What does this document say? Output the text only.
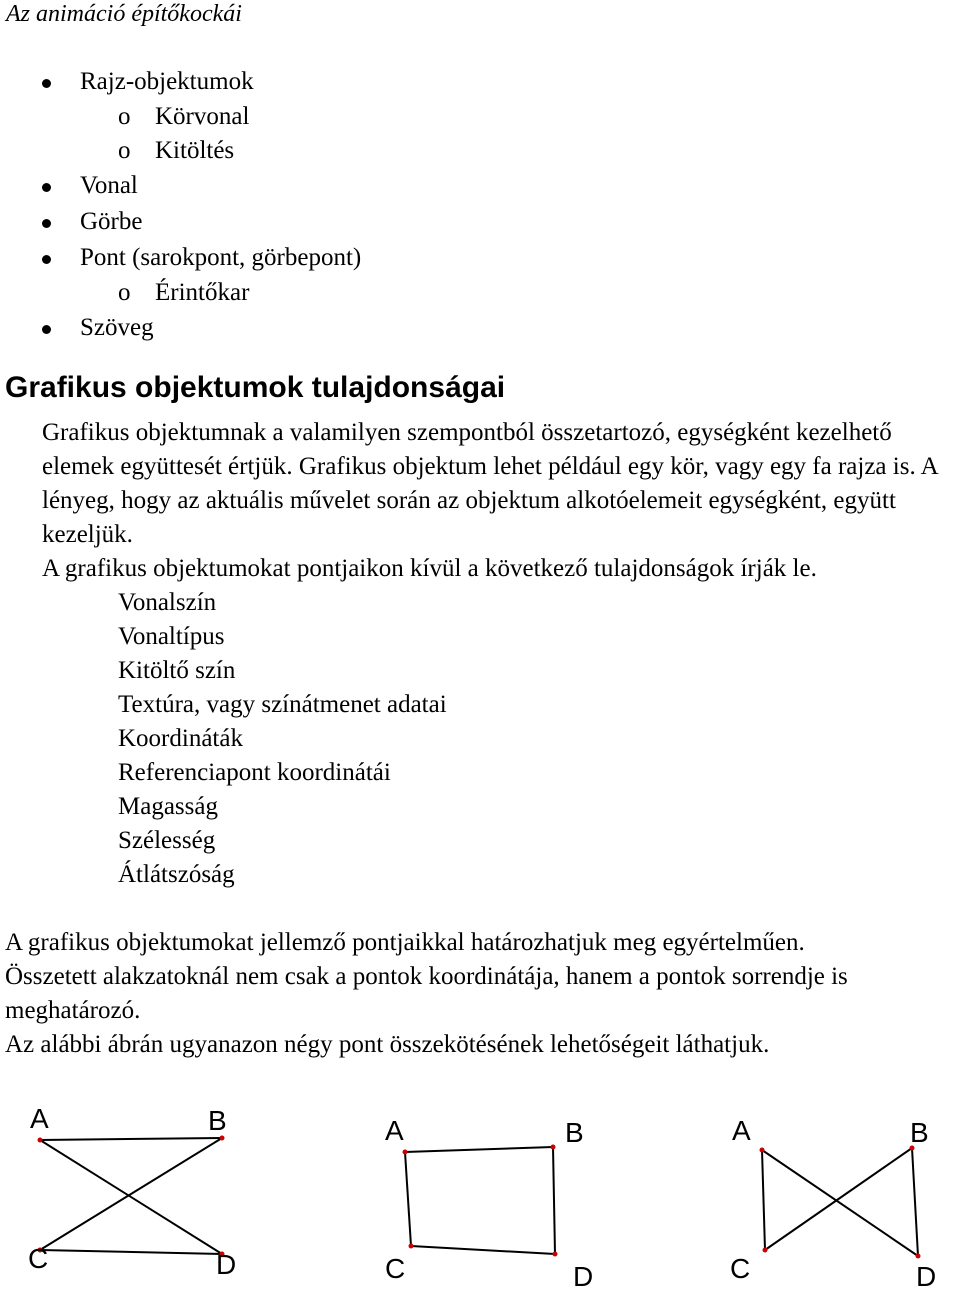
Az animáció építőkockái
Rajz-objektumok
o Körvonal
o Kitöltés
Vonal
Görbe
Pont (sarokpont, görbepont)
o Érintőkar
Szöveg
Grafikus objektumok tulajdonságai

Grafikus objektumnak a valamilyen szempontból összetartozó, egységként kezelhető elemek együttesét értjük. Grafikus objektum lehet például egy kör, vagy egy fa rajza is. A lényeg, hogy az aktuális művelet során az objektum alkotóelemeit egységként, együtt kezeljük.

A grafikus objektumokat pontjaikon kívül a következő tulajdonságok írják le.

Vonalszín
Vonaltípus
Kitöltő szín
Textúra, vagy színátmenet adatai
Koordináták
Referenciapont koordinátái
Magasság
Szélesség
Átlátszóság

A grafikus objektumokat jellemző pontjaikkal határozhatjuk meg egyértelműen.

Összetett alakzatoknál nem csak a pontok koordinátája, hanem a pontok sorrendje is meghatározó.

Az alábbi ábrán ugyanazon négy pont összekötésének lehetőségeit láthatjuk.

A	B
C	D
A	B
C	D
A	B
C	D
